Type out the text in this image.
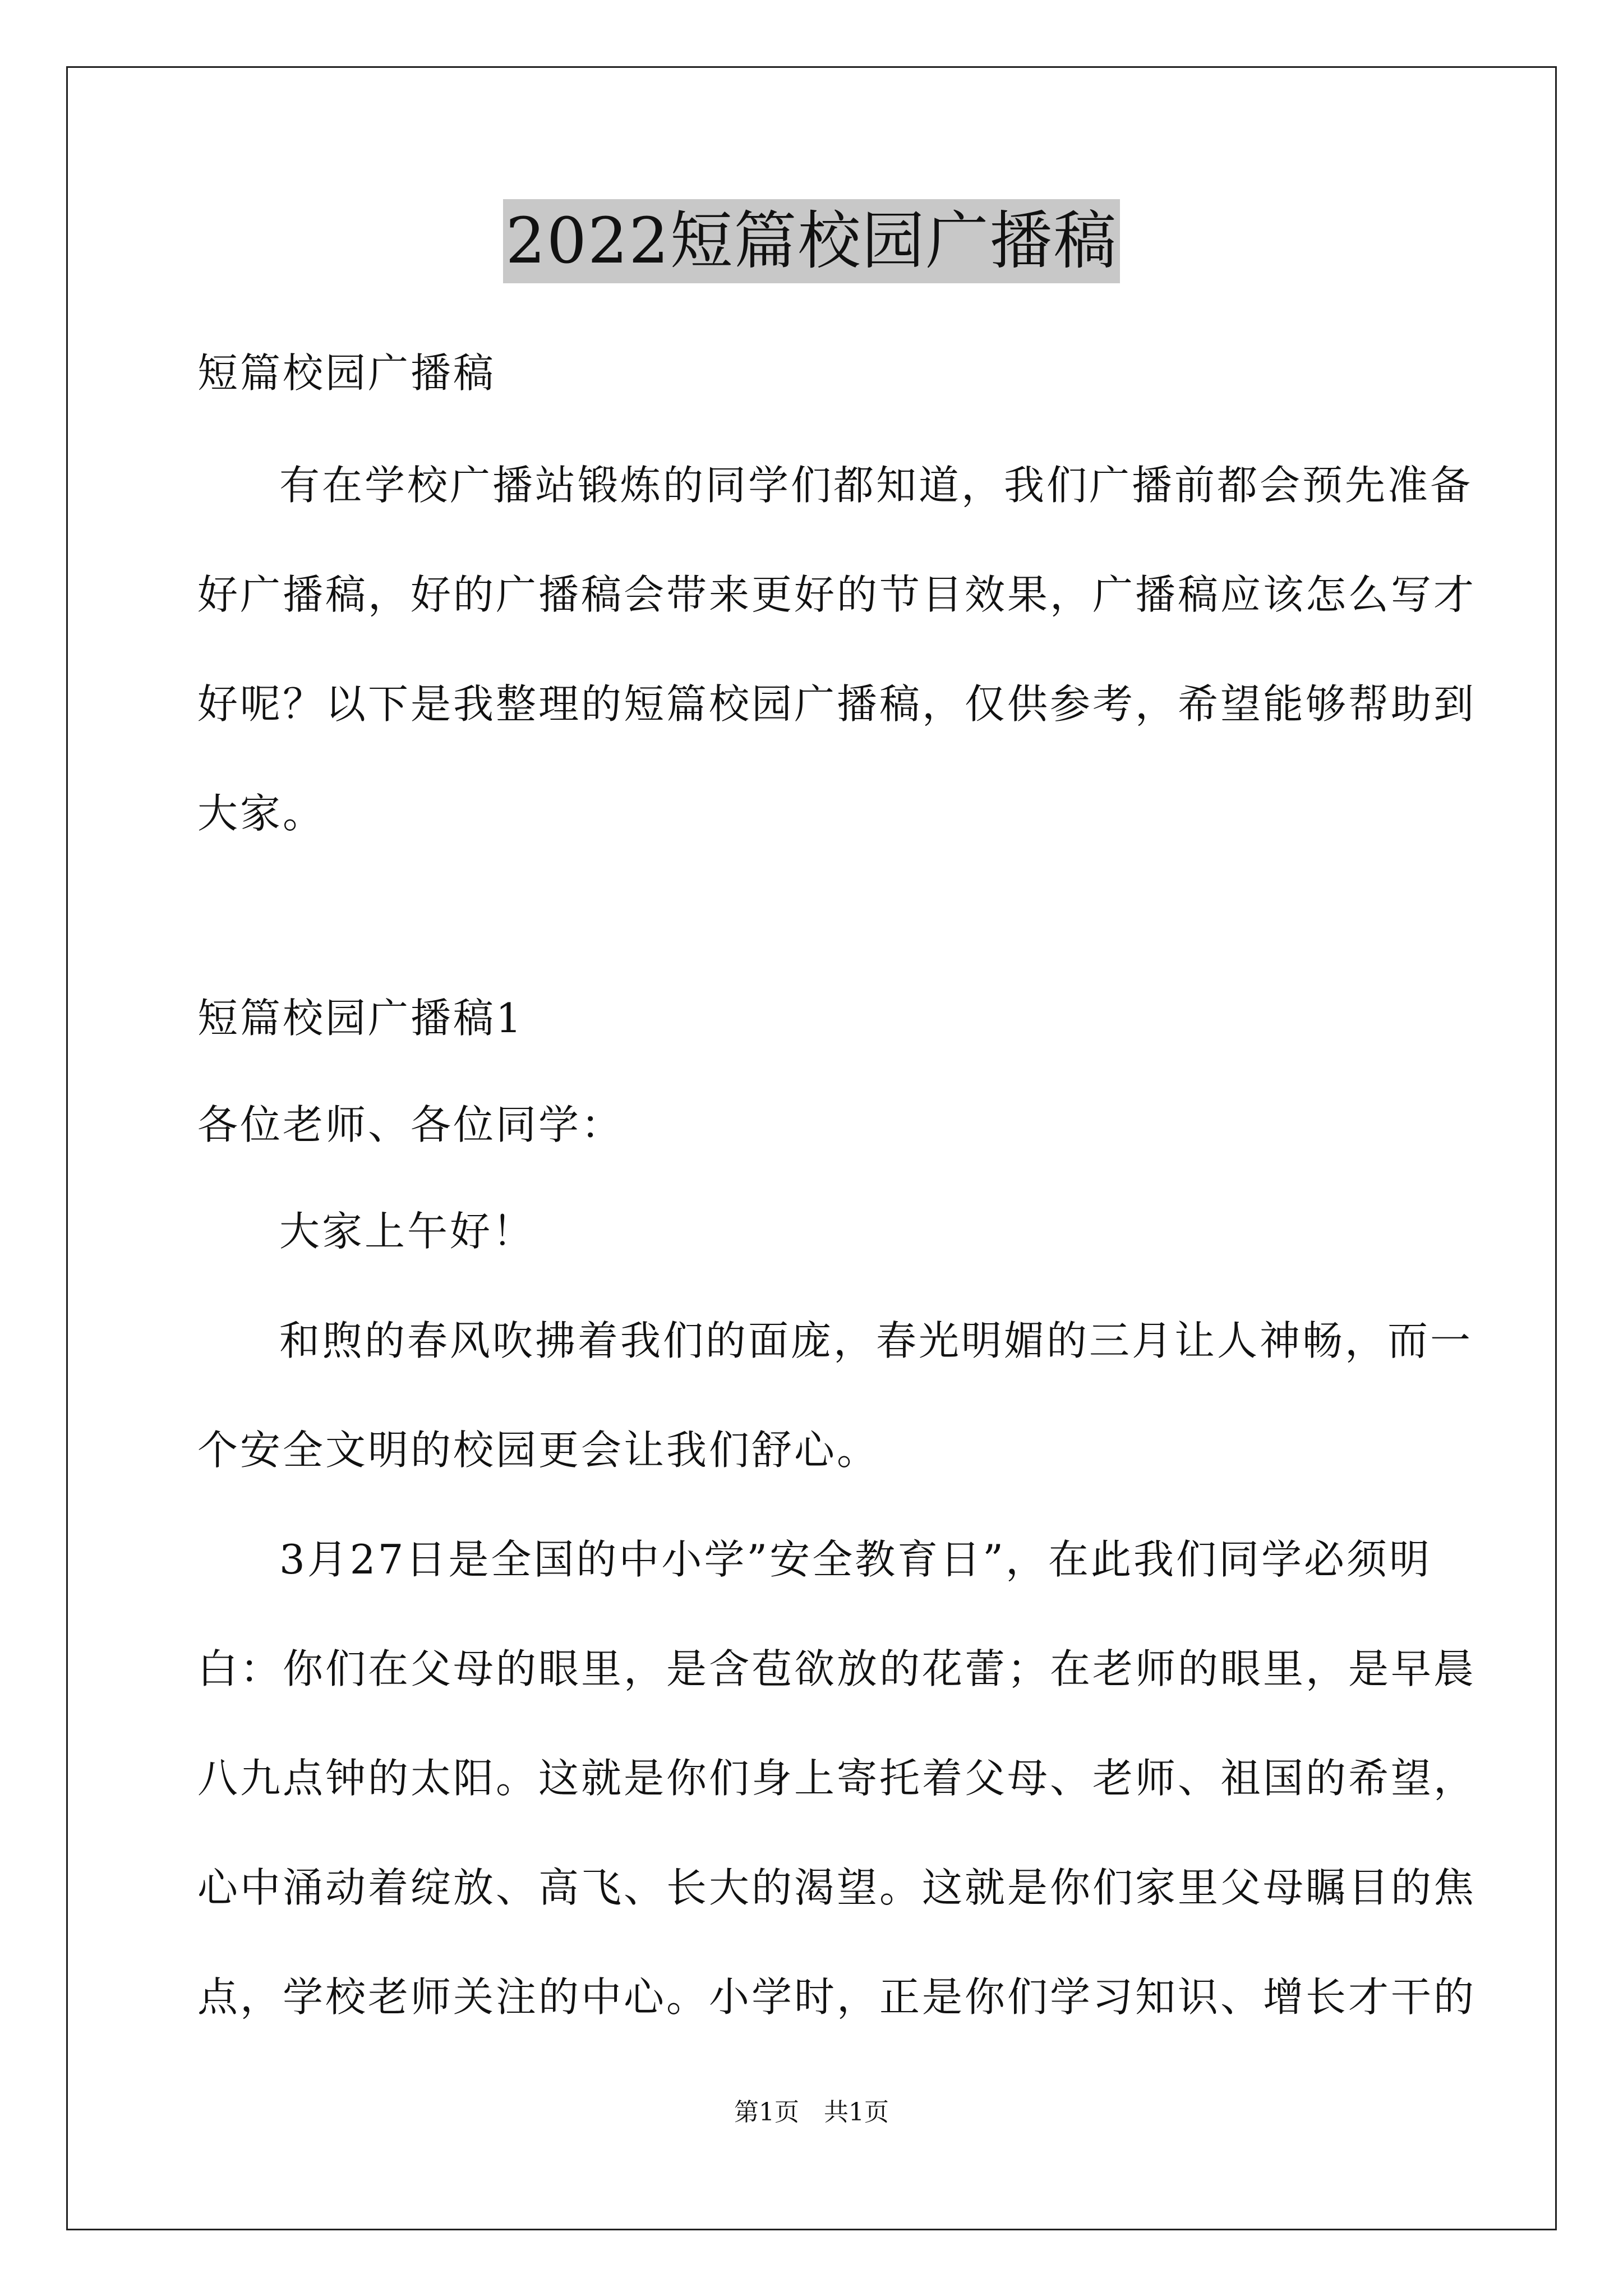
2022短篇校园广播稿
短篇校园广播稿
有在学校广播站锻炼的同学们都知道，我们广播前都会预先准备
好广播稿，好的广播稿会带来更好的节目效果，广播稿应该怎么写才
好呢？以下是我整理的短篇校园广播稿，仅供参考，希望能够帮助到
大家。
短篇校园广播稿1
各位老师、各位同学：
大家上午好！
和煦的春风吹拂着我们的面庞，春光明媚的三月让人神畅，而一
个安全文明的校园更会让我们舒心。
3月27日是全国的中小学”安全教育日”，在此我们同学必须明
白：你们在父母的眼里，是含苞欲放的花蕾；在老师的眼里，是早晨
八九点钟的太阳。这就是你们身上寄托着父母、老师、祖国的希望，
心中涌动着绽放、高飞、长大的渴望。这就是你们家里父母瞩目的焦
点，学校老师关注的中心。小学时，正是你们学习知识、增长才干的
第1页　共1页
